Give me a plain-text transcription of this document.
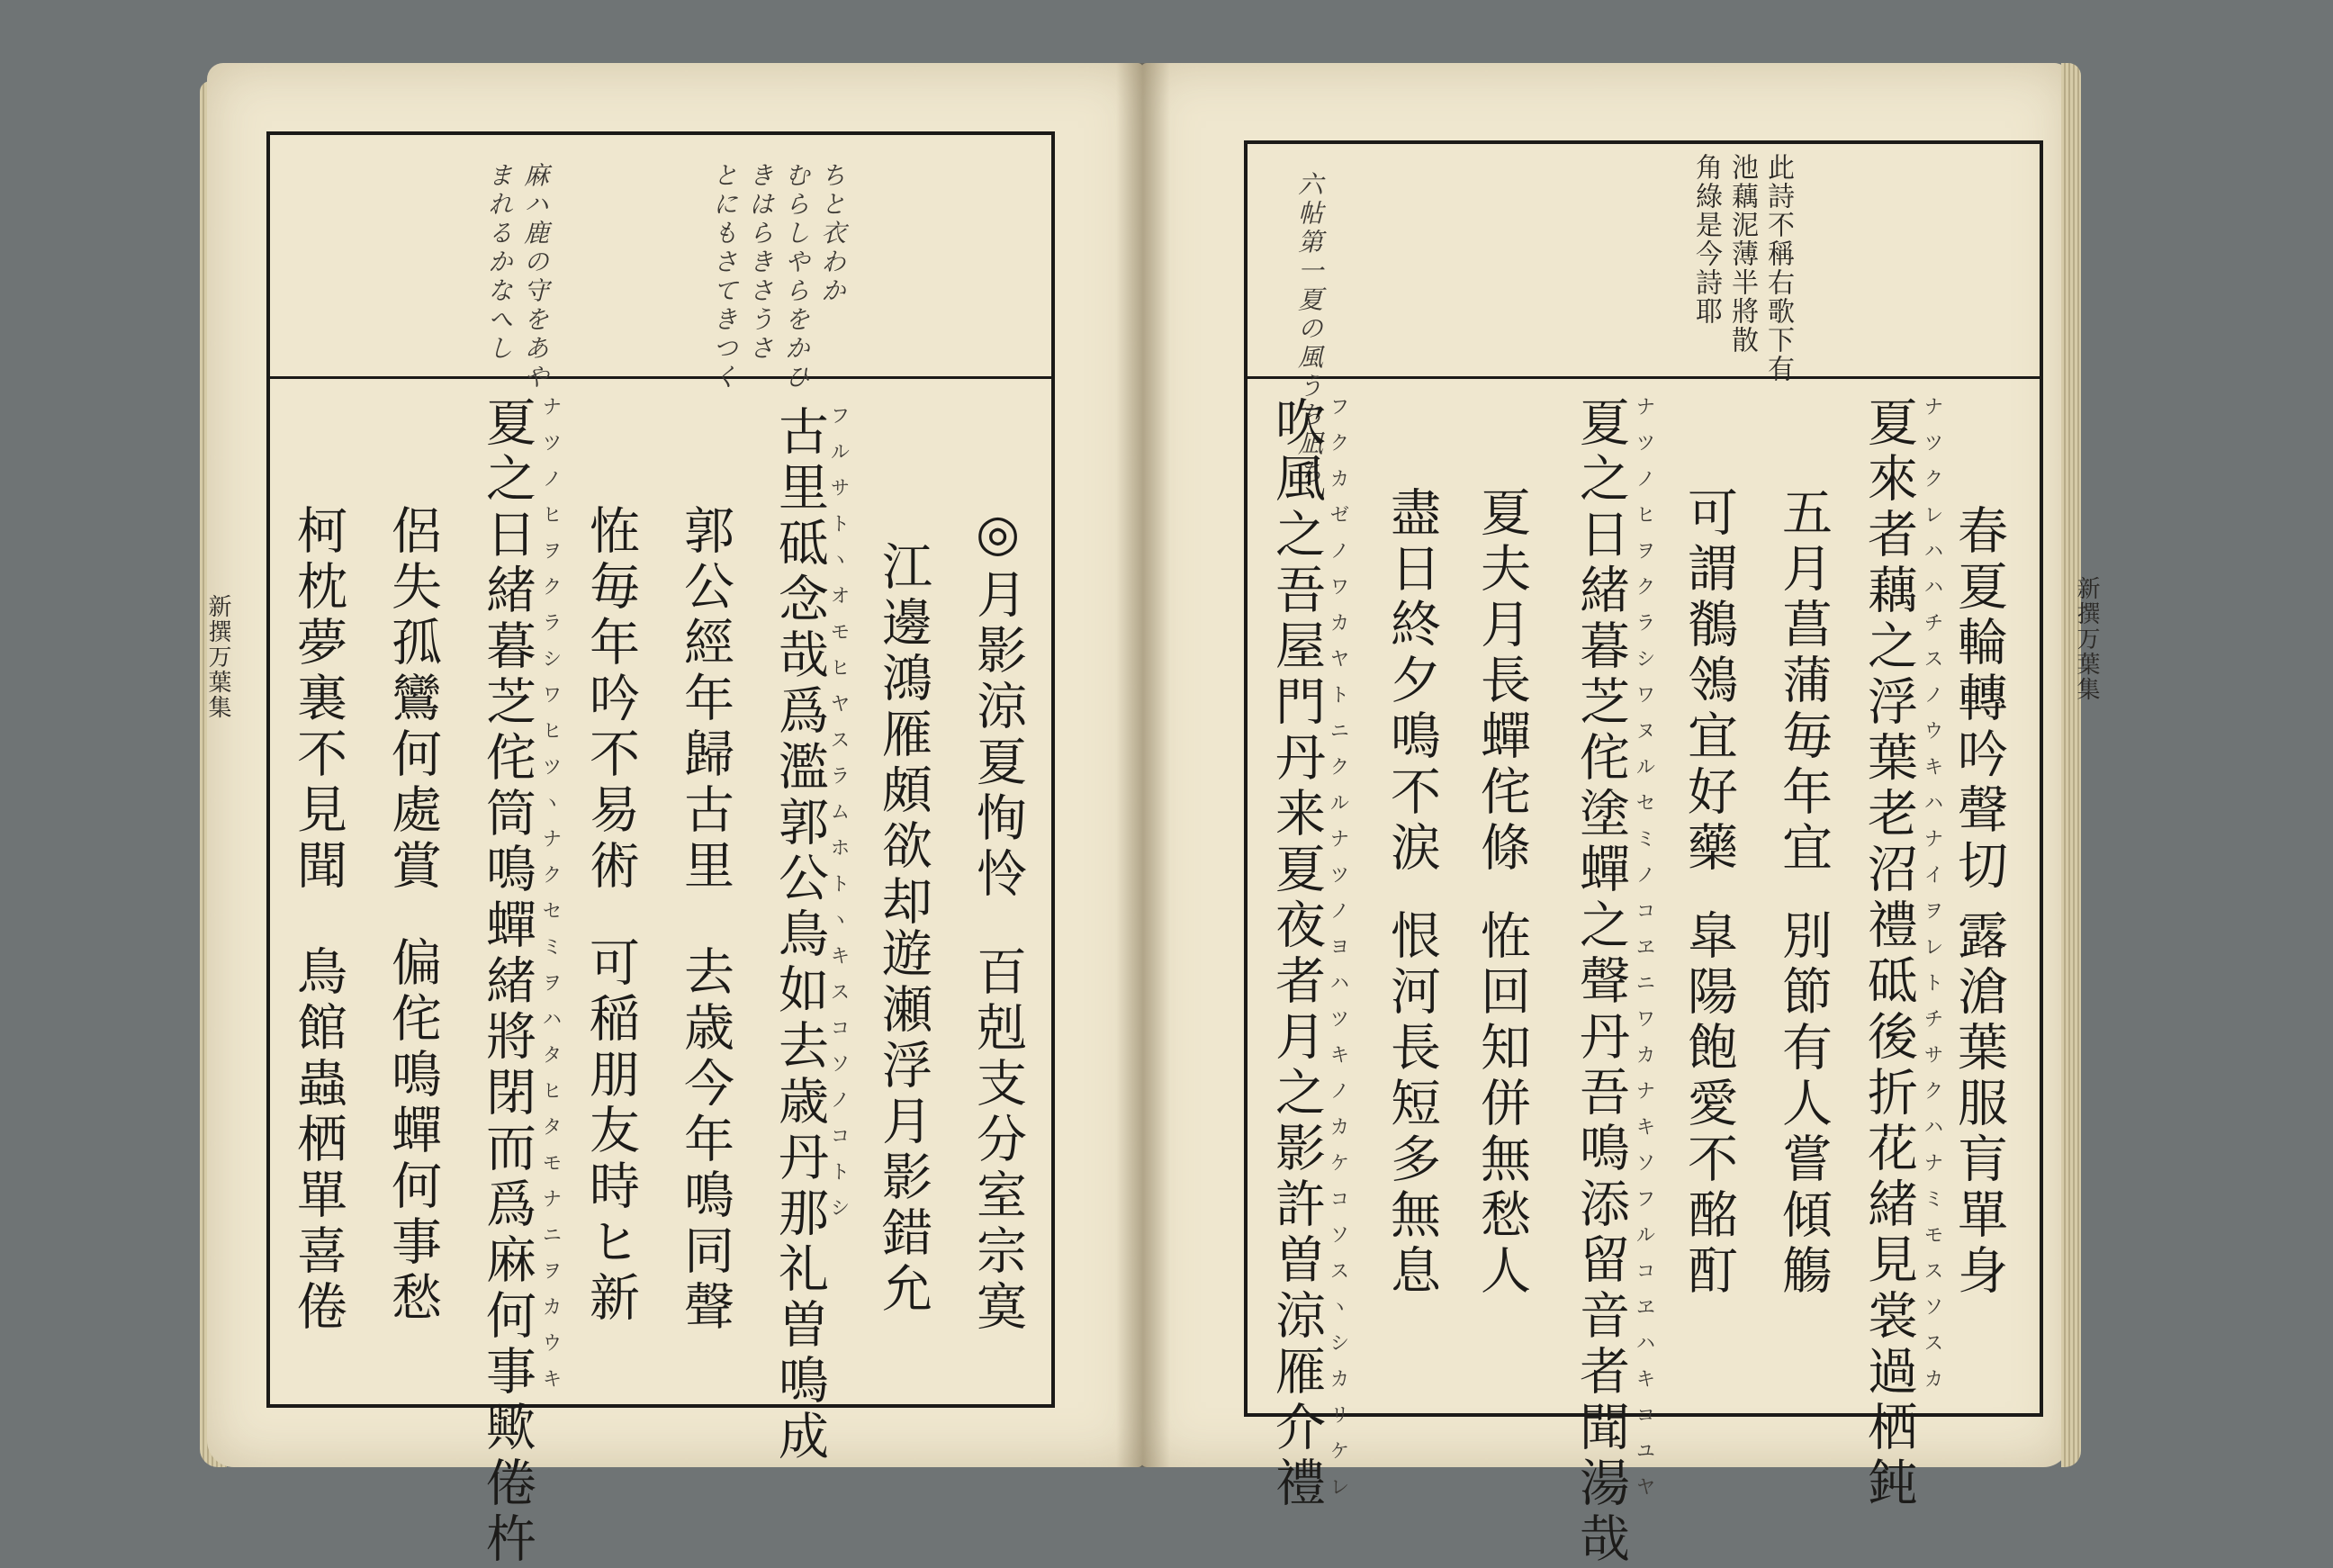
新撰万葉集	新撰万葉集
此詩不稱右歌下有
池藕泥薄半將散
角綠是今詩耶
六帖第一夏の風うち凪ち
春夏輪轉吟聲切
夏來者藕之浮葉老沼禮砥後折花緒見裳過栖鈍
五月菖蒲毎年宜
可謂鶺鴒宜好藥
夏之日緒暮芝侘塗蟬之聲丹吾鳴添留音者聞湯哉
夏夫月長蟬侘條
盡日終夕鳴不涙
吹風之吾屋門丹来夏夜者月之影許曽涼雁介禮	露滄葉服肓單身
別節有人嘗傾觴
皐陽飽愛不酩酊
恠回知併無愁人
恨河長短多無息	ナツクレハハチスノウキハナイヲレトチサクハナミモスソスカ
ナツノヒヲクラシワヌルセミノコヱニワカナキソフルコヱハキコユヤ
フクカゼノワカヤトニクルナツノヨハツキノカケコソスヽシカリケレ
ちと衣わか
むらしやらをかひ
きはらきさうさ
とにもさてきつく
麻ハ鹿の守をあや
まれるかなへし
◎月影涼夏恂怜
江邊鴻雁頗欲却
古里砥念哉爲濫郭公鳥如去歳丹那礼曽鳴成
郭公經年歸古里
恠毎年吟不易術
夏之日緒暮芝侘筒鳴蟬緒將閉而爲麻何事歟倦杵
侶失孤鸞何處賞
柯枕夢裏不見聞
百剋支分室宗寞
遊瀬浮月影錯允
去歳今年鳴同聲
可稲朋友時ヒ新
偏侘鳴蟬何事愁
鳥館蟲栖單喜倦	フルサトヽオモヒヤスラムホトヽキスコソノコトシ
ナツノヒヲクラシワヒツヽナクセミヲハタヒタモナニヲカウキ
